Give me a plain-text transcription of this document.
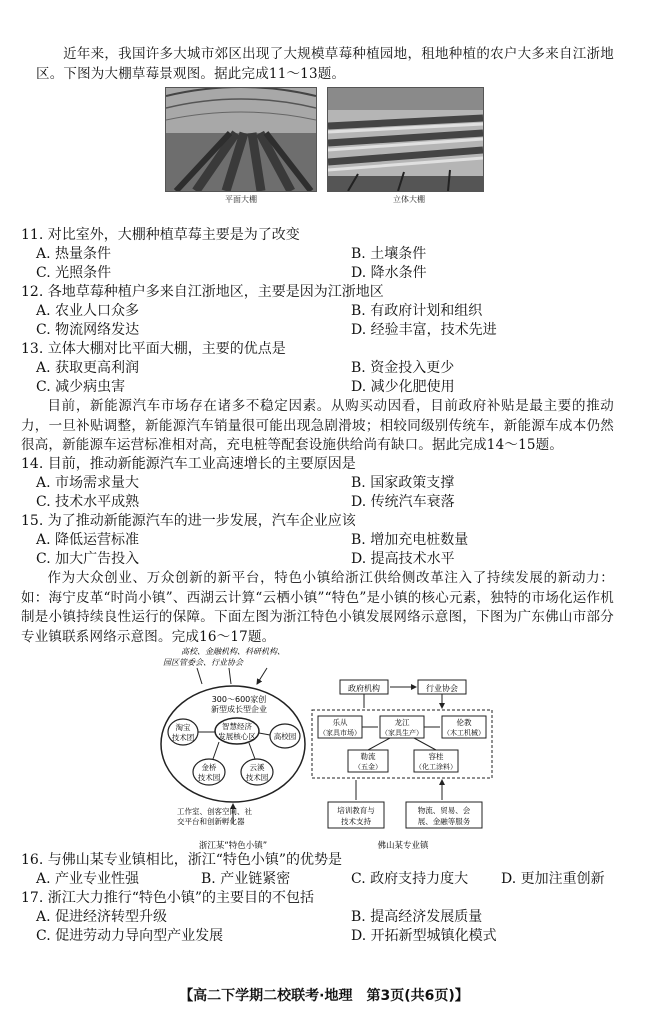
近年来，我国许多大城市郊区出现了大规模草莓种植园地，租地种植的农户大多来自江浙地区。下图为大棚草莓景观图。据此完成11～13题。
平面大棚	立体大棚
11. 对比室外，大棚种植草莓主要是为了改变
A. 热量条件	B. 土壤条件
C. 光照条件	D. 降水条件
12. 各地草莓种植户多来自江浙地区，主要是因为江浙地区
A. 农业人口众多	B. 有政府计划和组织
C. 物流网络发达	D. 经验丰富，技术先进
13. 立体大棚对比平面大棚，主要的优点是
A. 获取更高利润	B. 资金投入更少
C. 减少病虫害	D. 减少化肥使用
目前，新能源汽车市场存在诸多不稳定因素。从购买动因看，目前政府补贴是最主要的推动力，一旦补贴调整，新能源汽车销量很可能出现急剧滑坡；相较同级别传统车，新能源车成本仍然很高，新能源车运营标准相对高，充电桩等配套设施供给尚有缺口。据此完成14～15题。
14. 目前，推动新能源汽车工业高速增长的主要原因是
A. 市场需求量大	B. 国家政策支撑
C. 技术水平成熟	D. 传统汽车衰落
15. 为了推动新能源汽车的进一步发展，汽车企业应该
A. 降低运营标准	B. 增加充电桩数量
C. 加大广告投入	D. 提高技术水平
作为大众创业、万众创新的新平台，特色小镇给浙江供给侧改革注入了持续发展的新动力：如：海宁皮革“时尚小镇”、西湖云计算“云栖小镇”“特色”是小镇的核心元素，独特的市场化运作机制是小镇持续良性运行的保障。下面左图为浙江特色小镇发展网络示意图，下图为广东佛山市部分专业镇联系网络示意图。完成16～17题。
高校、金融机构、科研机构、
园区管委会、行业协会
300～600家创
新型成长型企业
智慧经济
发展核心区
淘宝
技术团	高校园
金桥
技术园
云溪
技术园
工作室、创客空间、社
交平台和创新孵化器
浙江某“特色小镇”
政府机构	行业协会
乐从
（家具市场）
龙江
（家具生产）
伦教
（木工机械）
勒流
（五金）
容桂
（化工涂料）
培训教育与
技术支持
物流、贸易、会
展、金融等服务
佛山某专业镇
16. 与佛山某专业镇相比，浙江“特色小镇”的优势是
A. 产业专业性强	B. 产业链紧密	C. 政府支持力度大 D. 更加注重创新
17. 浙江大力推行“特色小镇”的主要目的不包括
A. 促进经济转型升级	B. 提高经济发展质量
C. 促进劳动力导向型产业发展	D. 开拓新型城镇化模式
【高二下学期二校联考·地理　第3页(共6页)】
